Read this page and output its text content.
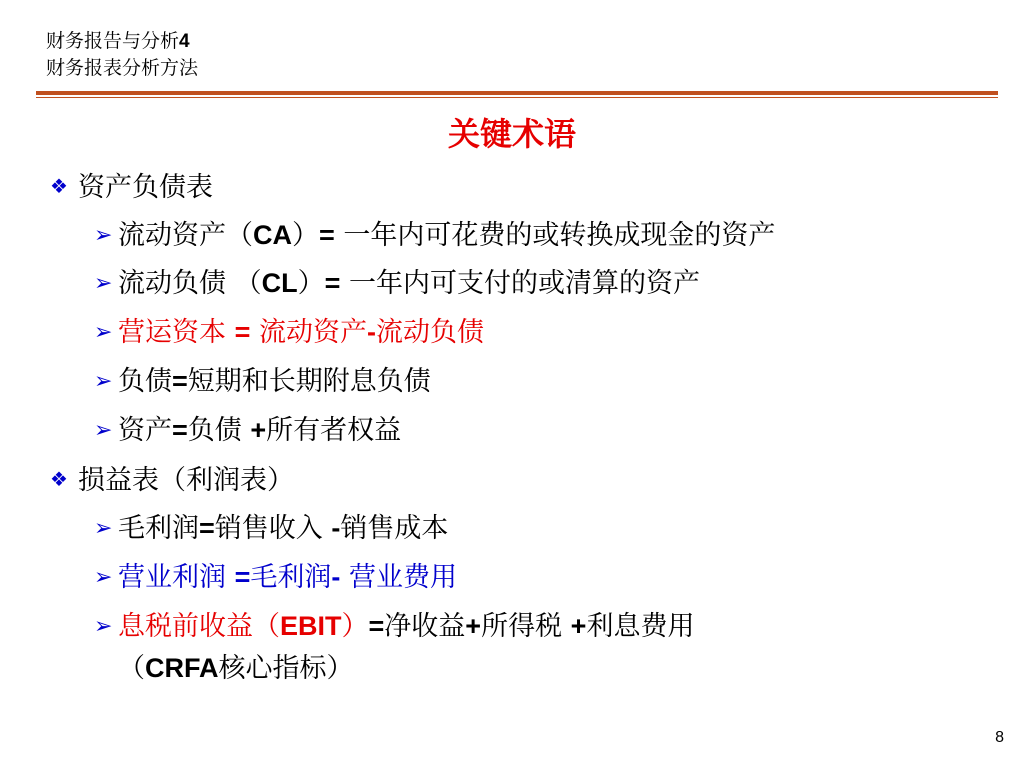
财务报告与分析4
财务报表分析方法
关键术语
❖ 资产负债表
➢ 流动资产（CA）= 一年内可花费的或转换成现金的资产
➢ 流动负债 （CL）= 一年内可支付的或清算的资产
➢ 营运资本 = 流动资产-流动负债
➢ 负债=短期和长期附息负债
➢ 资产=负债 +所有者权益
❖ 损益表（利润表）
➢ 毛利润=销售收入 -销售成本
➢ 营业利润 =毛利润- 营业费用
➢ 息税前收益（EBIT）=净收益+所得税 +利息费用
（CRFA核心指标）
8
